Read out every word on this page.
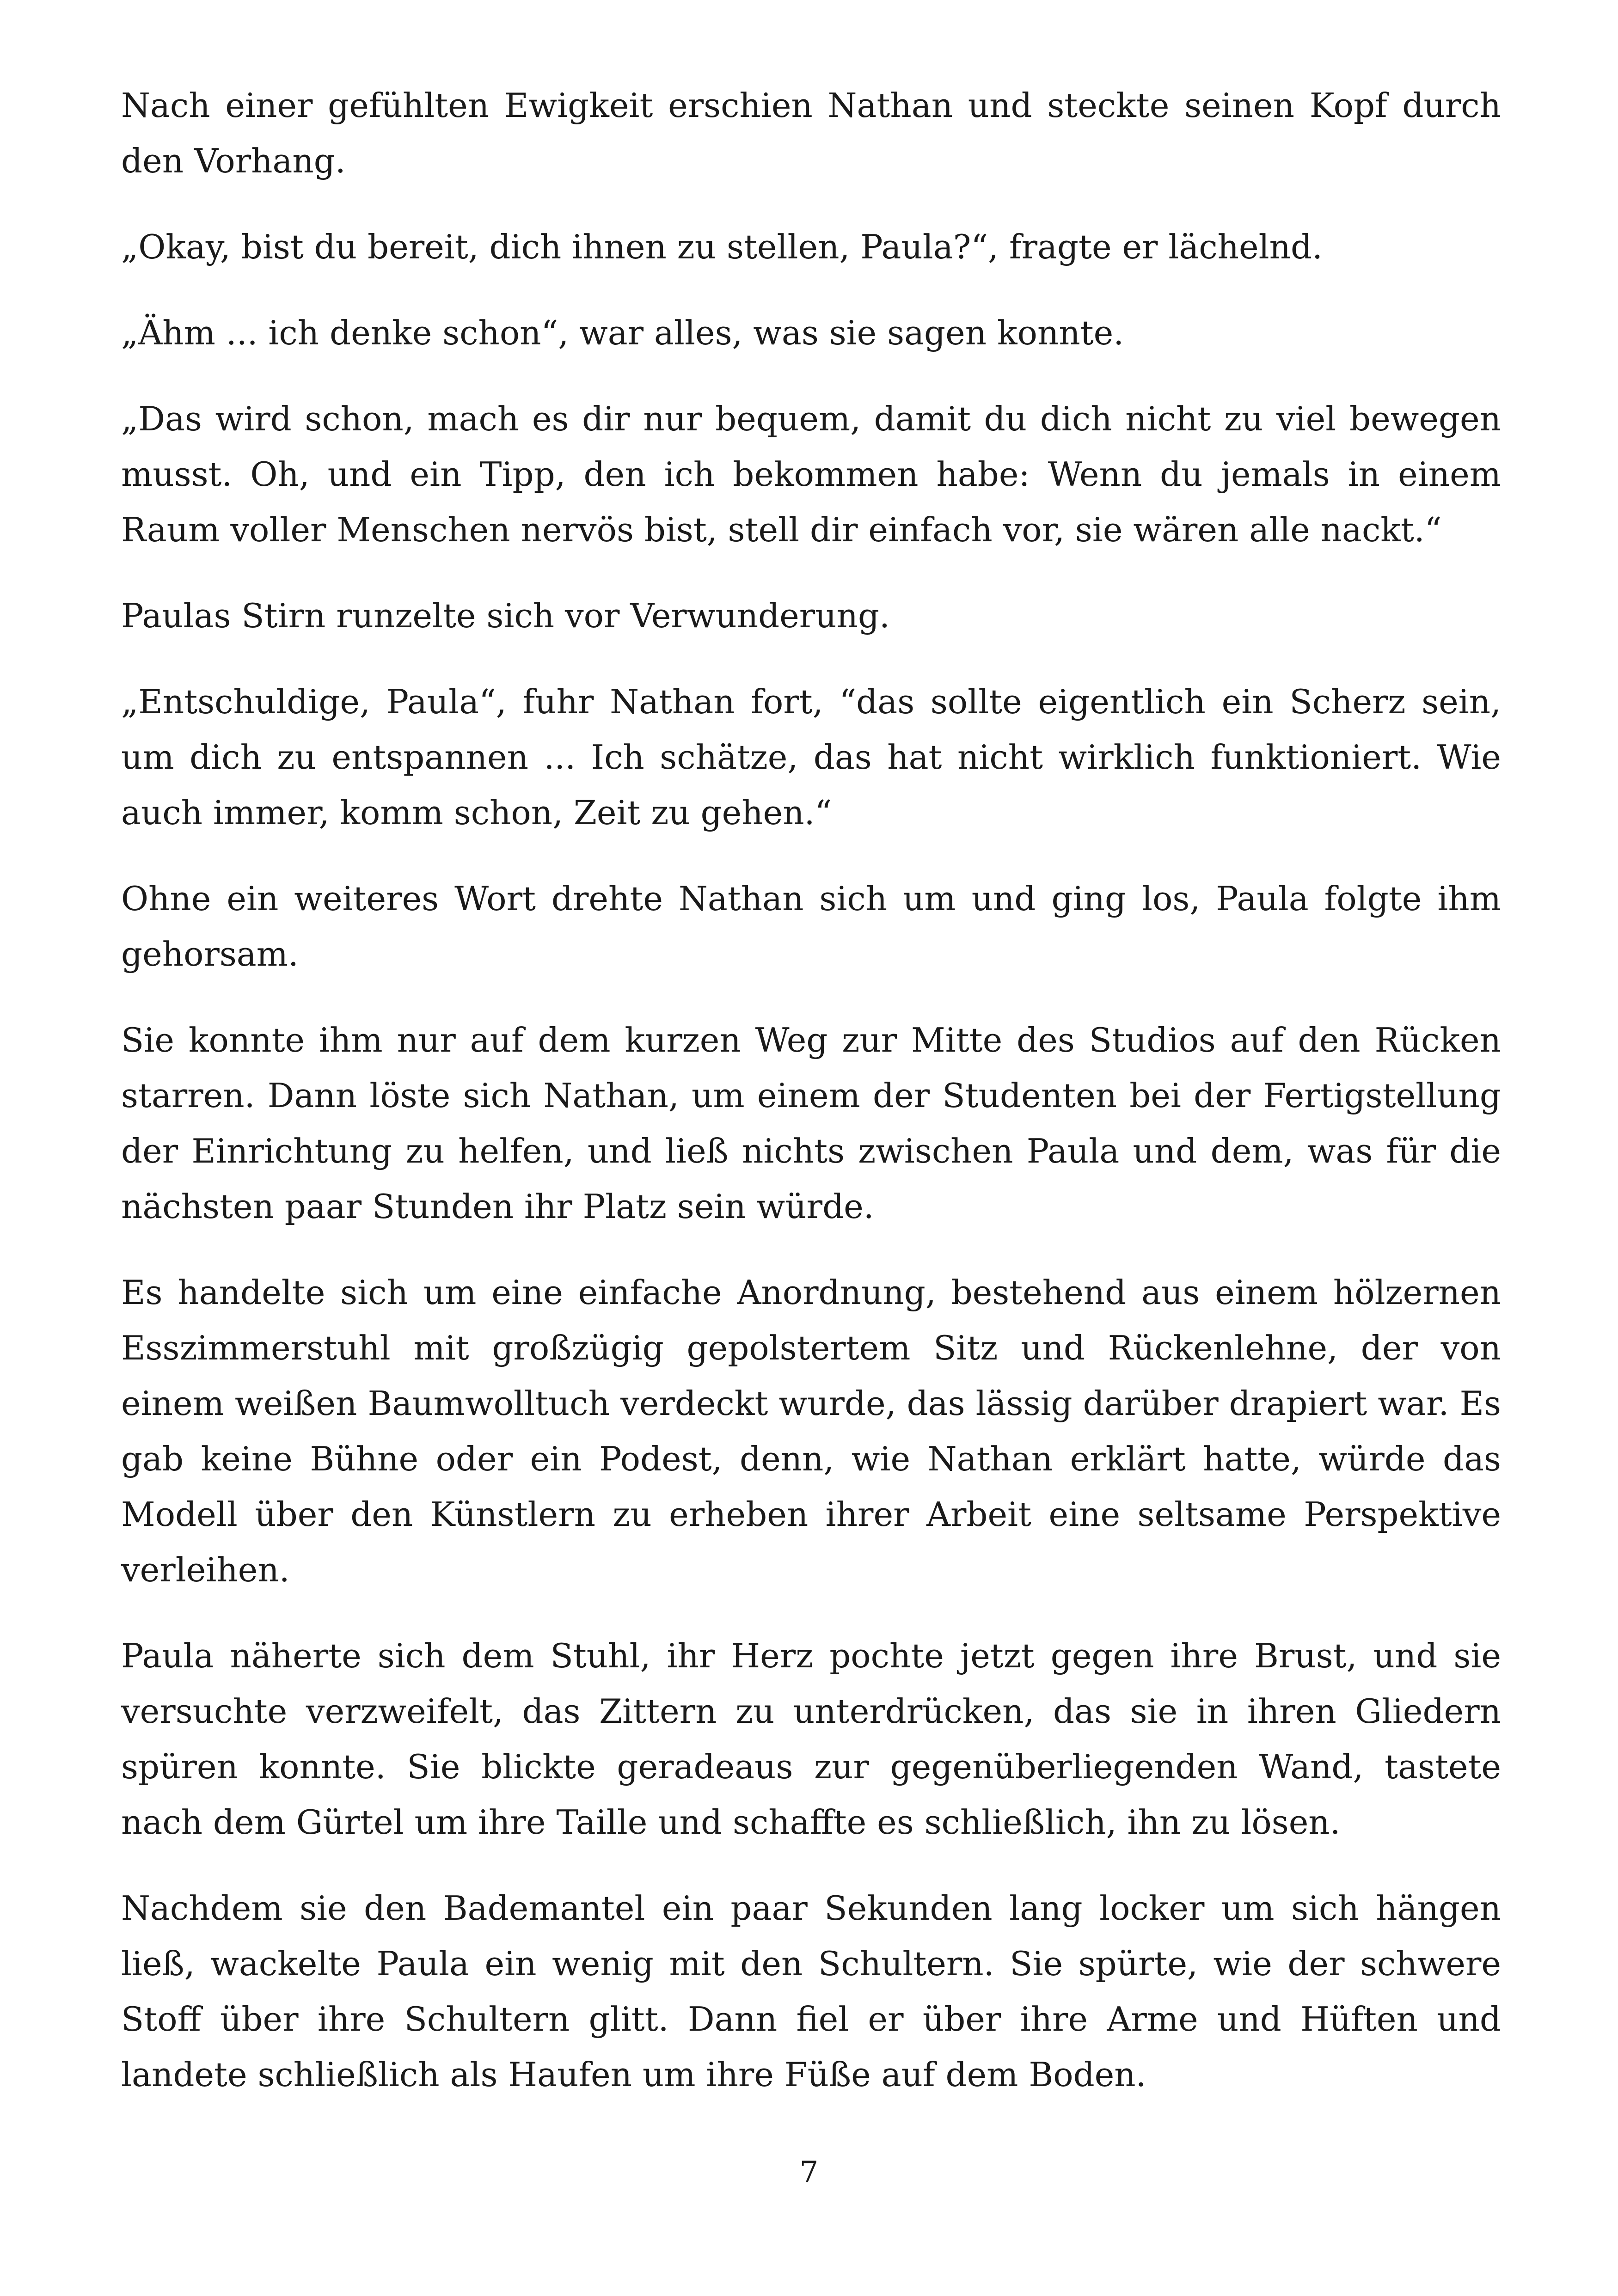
Nach einer gefühlten Ewigkeit erschien Nathan und steckte seinen Kopf durch den Vorhang.

„Okay, bist du bereit, dich ihnen zu stellen, Paula?“, fragte er lächelnd.

„Ähm ... ich denke schon“, war alles, was sie sagen konnte.

„Das wird schon, mach es dir nur bequem, damit du dich nicht zu viel bewegen musst. Oh, und ein Tipp, den ich bekommen habe: Wenn du jemals in einem Raum voller Menschen nervös bist, stell dir einfach vor, sie wären alle nackt.“

Paulas Stirn runzelte sich vor Verwunderung.

„Entschuldige, Paula“, fuhr Nathan fort, “das sollte eigentlich ein Scherz sein, um dich zu entspannen ... Ich schätze, das hat nicht wirklich funktioniert. Wie auch immer, komm schon, Zeit zu gehen.“

Ohne ein weiteres Wort drehte Nathan sich um und ging los, Paula folgte ihm gehorsam.

Sie konnte ihm nur auf dem kurzen Weg zur Mitte des Studios auf den Rücken starren. Dann löste sich Nathan, um einem der Studenten bei der Fertigstellung der Einrichtung zu helfen, und ließ nichts zwischen Paula und dem, was für die nächsten paar Stunden ihr Platz sein würde.

Es handelte sich um eine einfache Anordnung, bestehend aus einem hölzernen Esszimmerstuhl mit großzügig gepolstertem Sitz und Rückenlehne, der von einem weißen Baumwolltuch verdeckt wurde, das lässig darüber drapiert war. Es gab keine Bühne oder ein Podest, denn, wie Nathan erklärt hatte, würde das Modell über den Künstlern zu erheben ihrer Arbeit eine seltsame Perspektive verleihen.

Paula näherte sich dem Stuhl, ihr Herz pochte jetzt gegen ihre Brust, und sie versuchte verzweifelt, das Zittern zu unterdrücken, das sie in ihren Gliedern spüren konnte. Sie blickte geradeaus zur gegenüberliegenden Wand, tastete nach dem Gürtel um ihre Taille und schaffte es schließlich, ihn zu lösen.

Nachdem sie den Bademantel ein paar Sekunden lang locker um sich hängen ließ, wackelte Paula ein wenig mit den Schultern. Sie spürte, wie der schwere Stoff über ihre Schultern glitt. Dann fiel er über ihre Arme und Hüften und landete schließlich als Haufen um ihre Füße auf dem Boden.

7
